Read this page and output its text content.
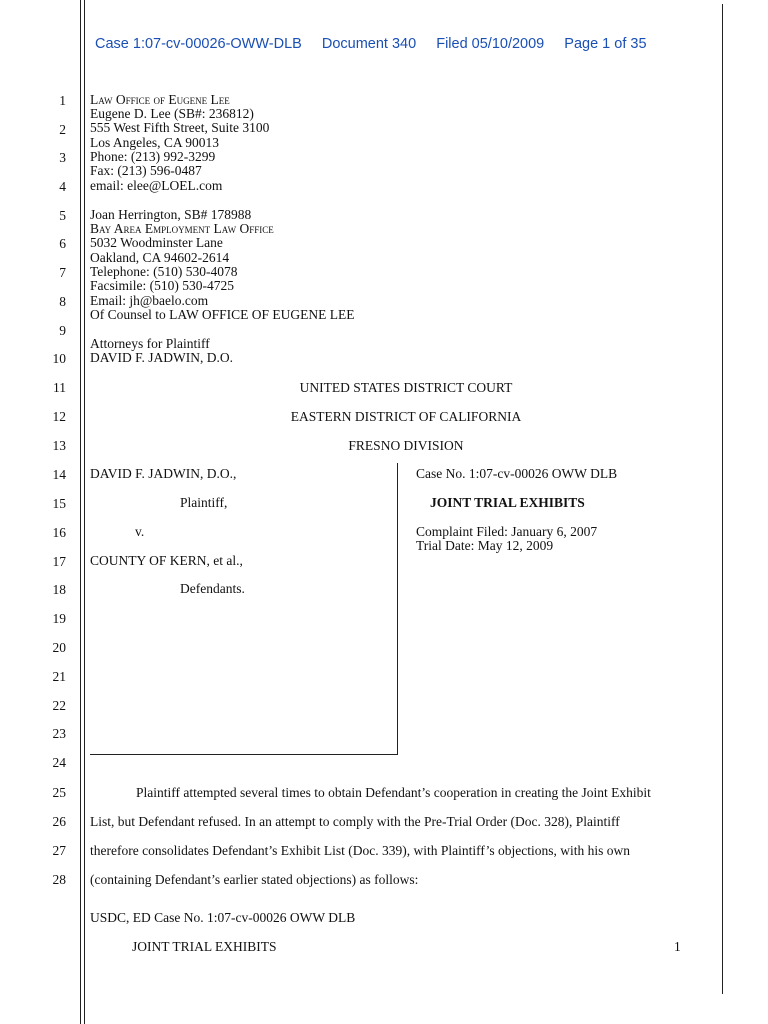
Case 1:07-cv-00026-OWW-DLB Document 340 Filed 05/10/2009 Page 1 of 35
1
2
3
4
5
6
7
8
9
10
11
12
13
14
15
16
17
18
19
20
21
22
23
24
25
26
27
28
Law Office of Eugene Lee
Eugene D. Lee (SB#: 236812)
555 West Fifth Street, Suite 3100
Los Angeles, CA 90013
Phone: (213) 992-3299
Fax: (213) 596-0487
email: elee@LOEL.com
Joan Herrington, SB# 178988
Bay Area Employment Law Office
5032 Woodminster Lane
Oakland, CA 94602-2614
Telephone: (510) 530-4078
Facsimile: (510) 530-4725
Email: jh@baelo.com
Of Counsel to LAW OFFICE OF EUGENE LEE
Attorneys for Plaintiff
DAVID F. JADWIN, D.O.
UNITED STATES DISTRICT COURT
EASTERN DISTRICT OF CALIFORNIA
FRESNO DIVISION
DAVID F. JADWIN, D.O.,
Plaintiff,
v.
COUNTY OF KERN, et al.,
Defendants.
Case No. 1:07-cv-00026 OWW DLB
JOINT TRIAL EXHIBITS
Complaint Filed: January 6, 2007
Trial Date: May 12, 2009
Plaintiff attempted several times to obtain Defendant’s cooperation in creating the Joint Exhibit
List, but Defendant refused. In an attempt to comply with the Pre-Trial Order (Doc. 328), Plaintiff
therefore consolidates Defendant’s Exhibit List (Doc. 339), with Plaintiff’s objections, with his own
(containing Defendant’s earlier stated objections) as follows:
USDC, ED Case No. 1:07-cv-00026 OWW DLB
JOINT TRIAL EXHIBITS	1
